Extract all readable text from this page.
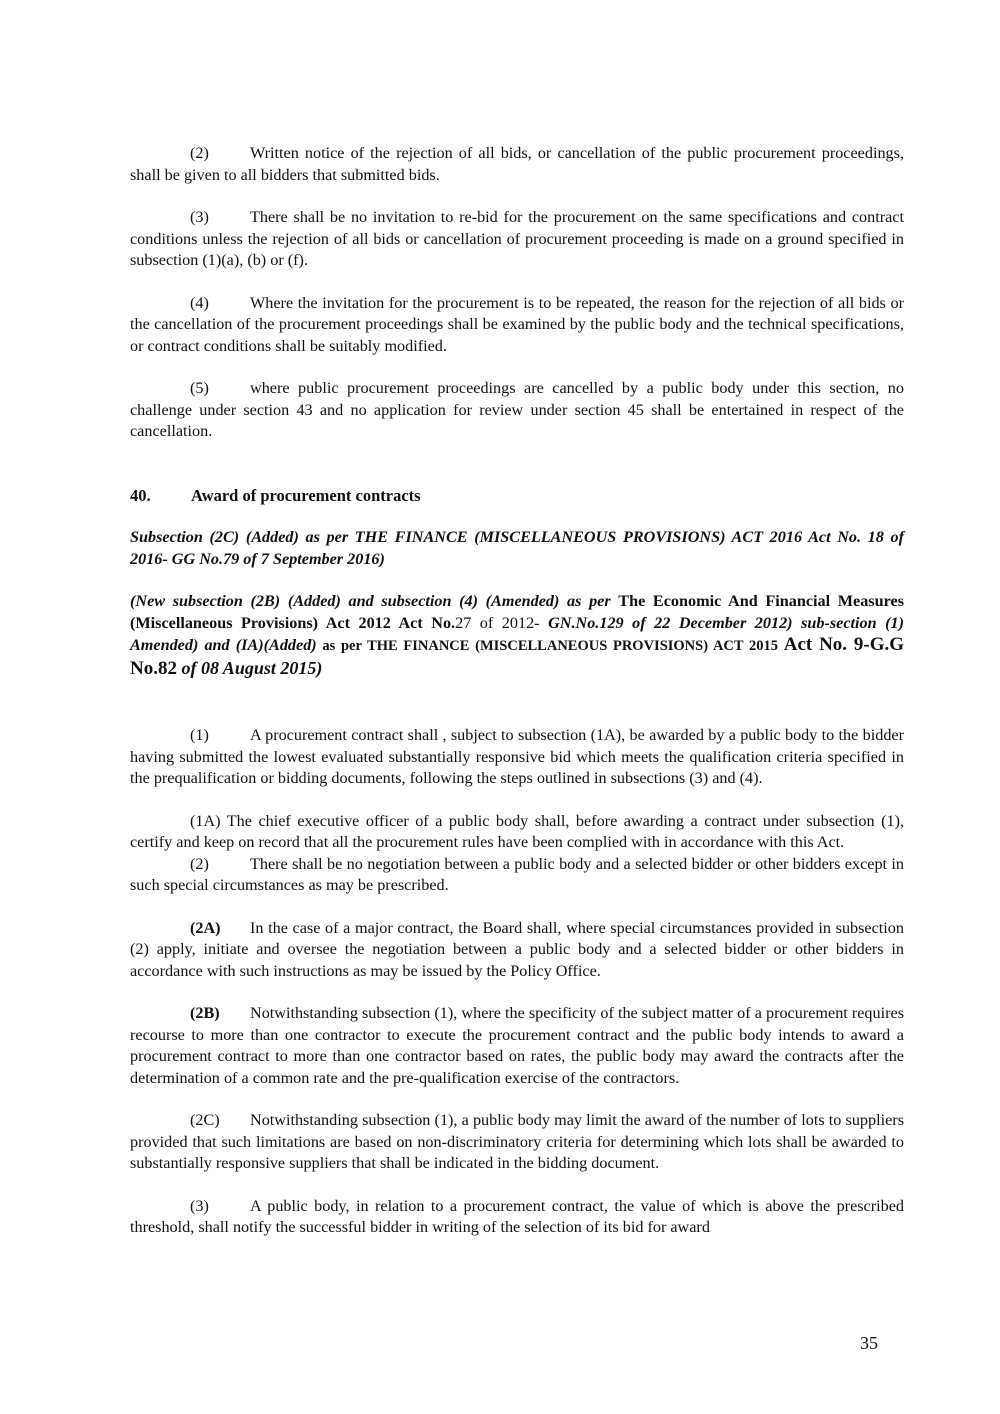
(2)	Written notice of the rejection of all bids, or cancellation of the public procurement proceedings, shall be given to all bidders that submitted bids.

(3)	There shall be no invitation to re-bid for the procurement on the same specifications and contract conditions unless the rejection of all bids or cancellation of procurement proceeding is made on a ground specified in subsection (1)(a), (b) or (f).

(4)	Where the invitation for the procurement is to be repeated, the reason for the rejection of all bids or the cancellation of the procurement proceedings shall be examined by the public body and the technical specifications, or contract conditions shall be suitably modified.

(5)	where public procurement proceedings are cancelled by a public body under this section, no challenge under section 43 and no application for review under section 45 shall be entertained in respect of the cancellation.

40. Award of procurement contracts

Subsection (2C) (Added) as per THE FINANCE (MISCELLANEOUS PROVISIONS) ACT 2016 Act No. 18 of 2016- GG No.79 of 7 September 2016)

(New subsection (2B) (Added) and subsection (4) (Amended) as per The Economic And Financial Measures (Miscellaneous Provisions) Act 2012 Act No.27 of 2012- GN.No.129 of 22 December 2012) sub-section (1) Amended) and (IA)(Added) as per THE FINANCE (MISCELLANEOUS PROVISIONS) ACT 2015 Act No. 9-G.G No.82 of 08 August 2015)

(1)	A procurement contract shall , subject to subsection (1A), be awarded by a public body to the bidder having submitted the lowest evaluated substantially responsive bid which meets the qualification criteria specified in the prequalification or bidding documents, following the steps outlined in subsections (3) and (4).

(1A) The chief executive officer of a public body shall, before awarding a contract under subsection (1), certify and keep on record that all the procurement rules have been complied with in accordance with this Act.

(2)	There shall be no negotiation between a public body and a selected bidder or other bidders except in such special circumstances as may be prescribed.

(2A) In the case of a major contract, the Board shall, where special circumstances provided in subsection (2) apply, initiate and oversee the negotiation between a public body and a selected bidder or other bidders in accordance with such instructions as may be issued by the Policy Office.

(2B) Notwithstanding subsection (1), where the specificity of the subject matter of a procurement requires recourse to more than one contractor to execute the procurement contract and the public body intends to award a procurement contract to more than one contractor based on rates, the public body may award the contracts after the determination of a common rate and the pre-qualification exercise of the contractors.

(2C) Notwithstanding subsection (1), a public body may limit the award of the number of lots to suppliers provided that such limitations are based on non-discriminatory criteria for determining which lots shall be awarded to substantially responsive suppliers that shall be indicated in the bidding document.

(3)	A public body, in relation to a procurement contract, the value of which is above the prescribed threshold, shall notify the successful bidder in writing of the selection of its bid for award

35
